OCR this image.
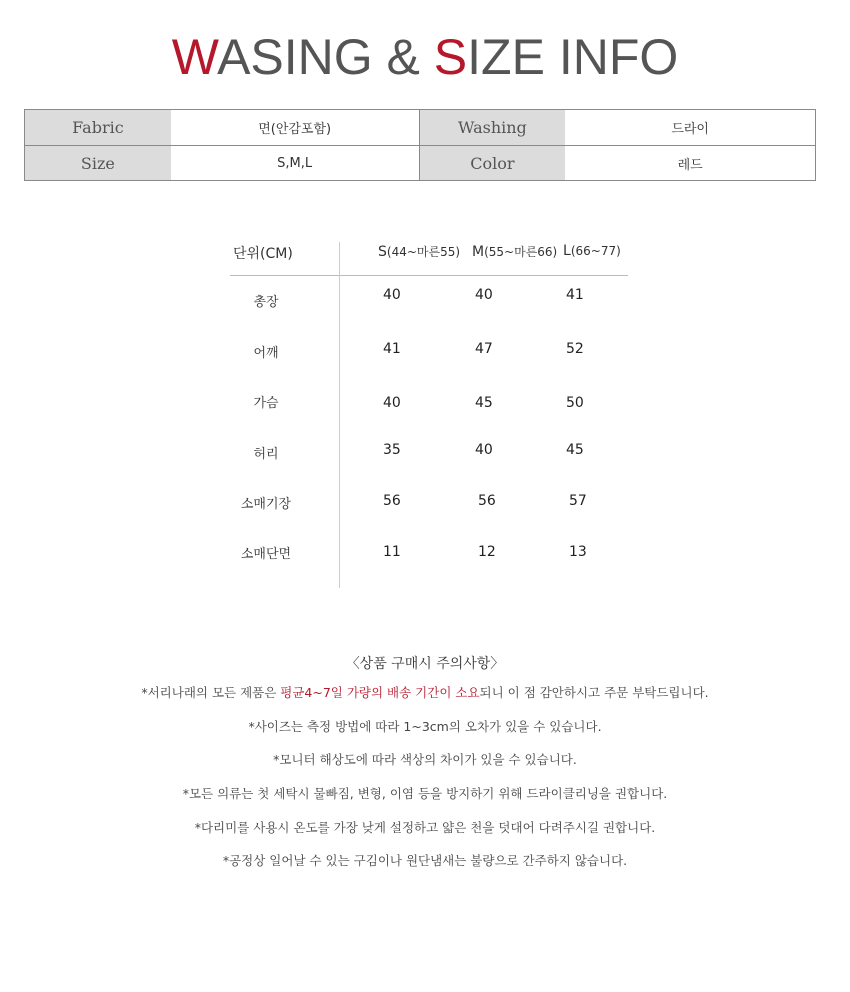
WASING & SIZE INFO
Fabric	면(안감포함)	Washing	드라이
Size	S,M,L	Color	레드
단위(CM)	S(44~마른55) M(55~마른66) L(66~77)
총장	40	40	41
어깨	41	47	52
가슴	40	45	50
허리	35	40	45
소매기장	56	56	57
소매단면	11	12	13
〈상품 구매시 주의사항〉
*서리나래의 모든 제품은 평균4~7일 가량의 배송 기간이 소요되니 이 점 감안하시고 주문 부탁드립니다.
*사이즈는 측정 방법에 따라 1~3cm의 오차가 있을 수 있습니다.
*모니터 해상도에 따라 색상의 차이가 있을 수 있습니다.
*모든 의류는 첫 세탁시 물빠짐, 변형, 이염 등을 방지하기 위해 드라이클리닝을 권합니다.
*다리미를 사용시 온도를 가장 낮게 설정하고 얇은 천을 덧대어 다려주시길 권합니다.
*공정상 일어날 수 있는 구김이나 원단냄새는 불량으로 간주하지 않습니다.
